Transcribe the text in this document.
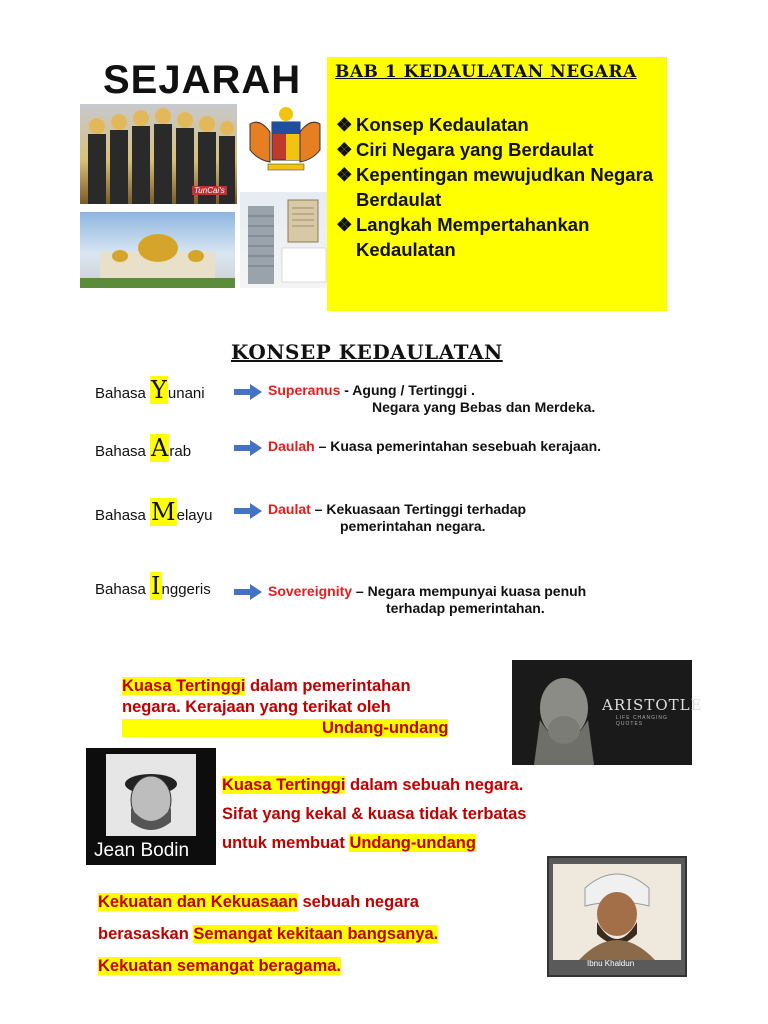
SEJARAH
TunCai's
BAB 1 KEDAULATAN NEGARA
❖ Konsep Kedaulatan
❖ Ciri Negara yang Berdaulat
❖ Kepentingan mewujudkan Negara Berdaulat
❖ Langkah Mempertahankan Kedaulatan
KONSEP KEDAULATAN
Bahasa Yunani	Superanus - Agung / Tertinggi .
Negara yang Bebas dan Merdeka.
Bahasa Arab	Daulah – Kuasa pemerintahan sesebuah kerajaan.
Bahasa Melayu	Daulat – Kekuasaan Tertinggi terhadap
pemerintahan negara.
Bahasa Inggeris	Sovereignity – Negara mempunyai kuasa penuh
terhadap pemerintahan.
Kuasa Tertinggi dalam pemerintahan
negara. Kerajaan yang terikat oleh
Undang-undang
ARISTOTLE
LIFE CHANGING QUOTES
Jean Bodin
Kuasa Tertinggi dalam sebuah negara.
Sifat yang kekal & kuasa tidak terbatas
untuk membuat Undang-undang
Kekuatan dan Kekuasaan sebuah negara
berasaskan Semangat kekitaan bangsanya.
Kekuatan semangat beragama.	Ibnu Khaldun
